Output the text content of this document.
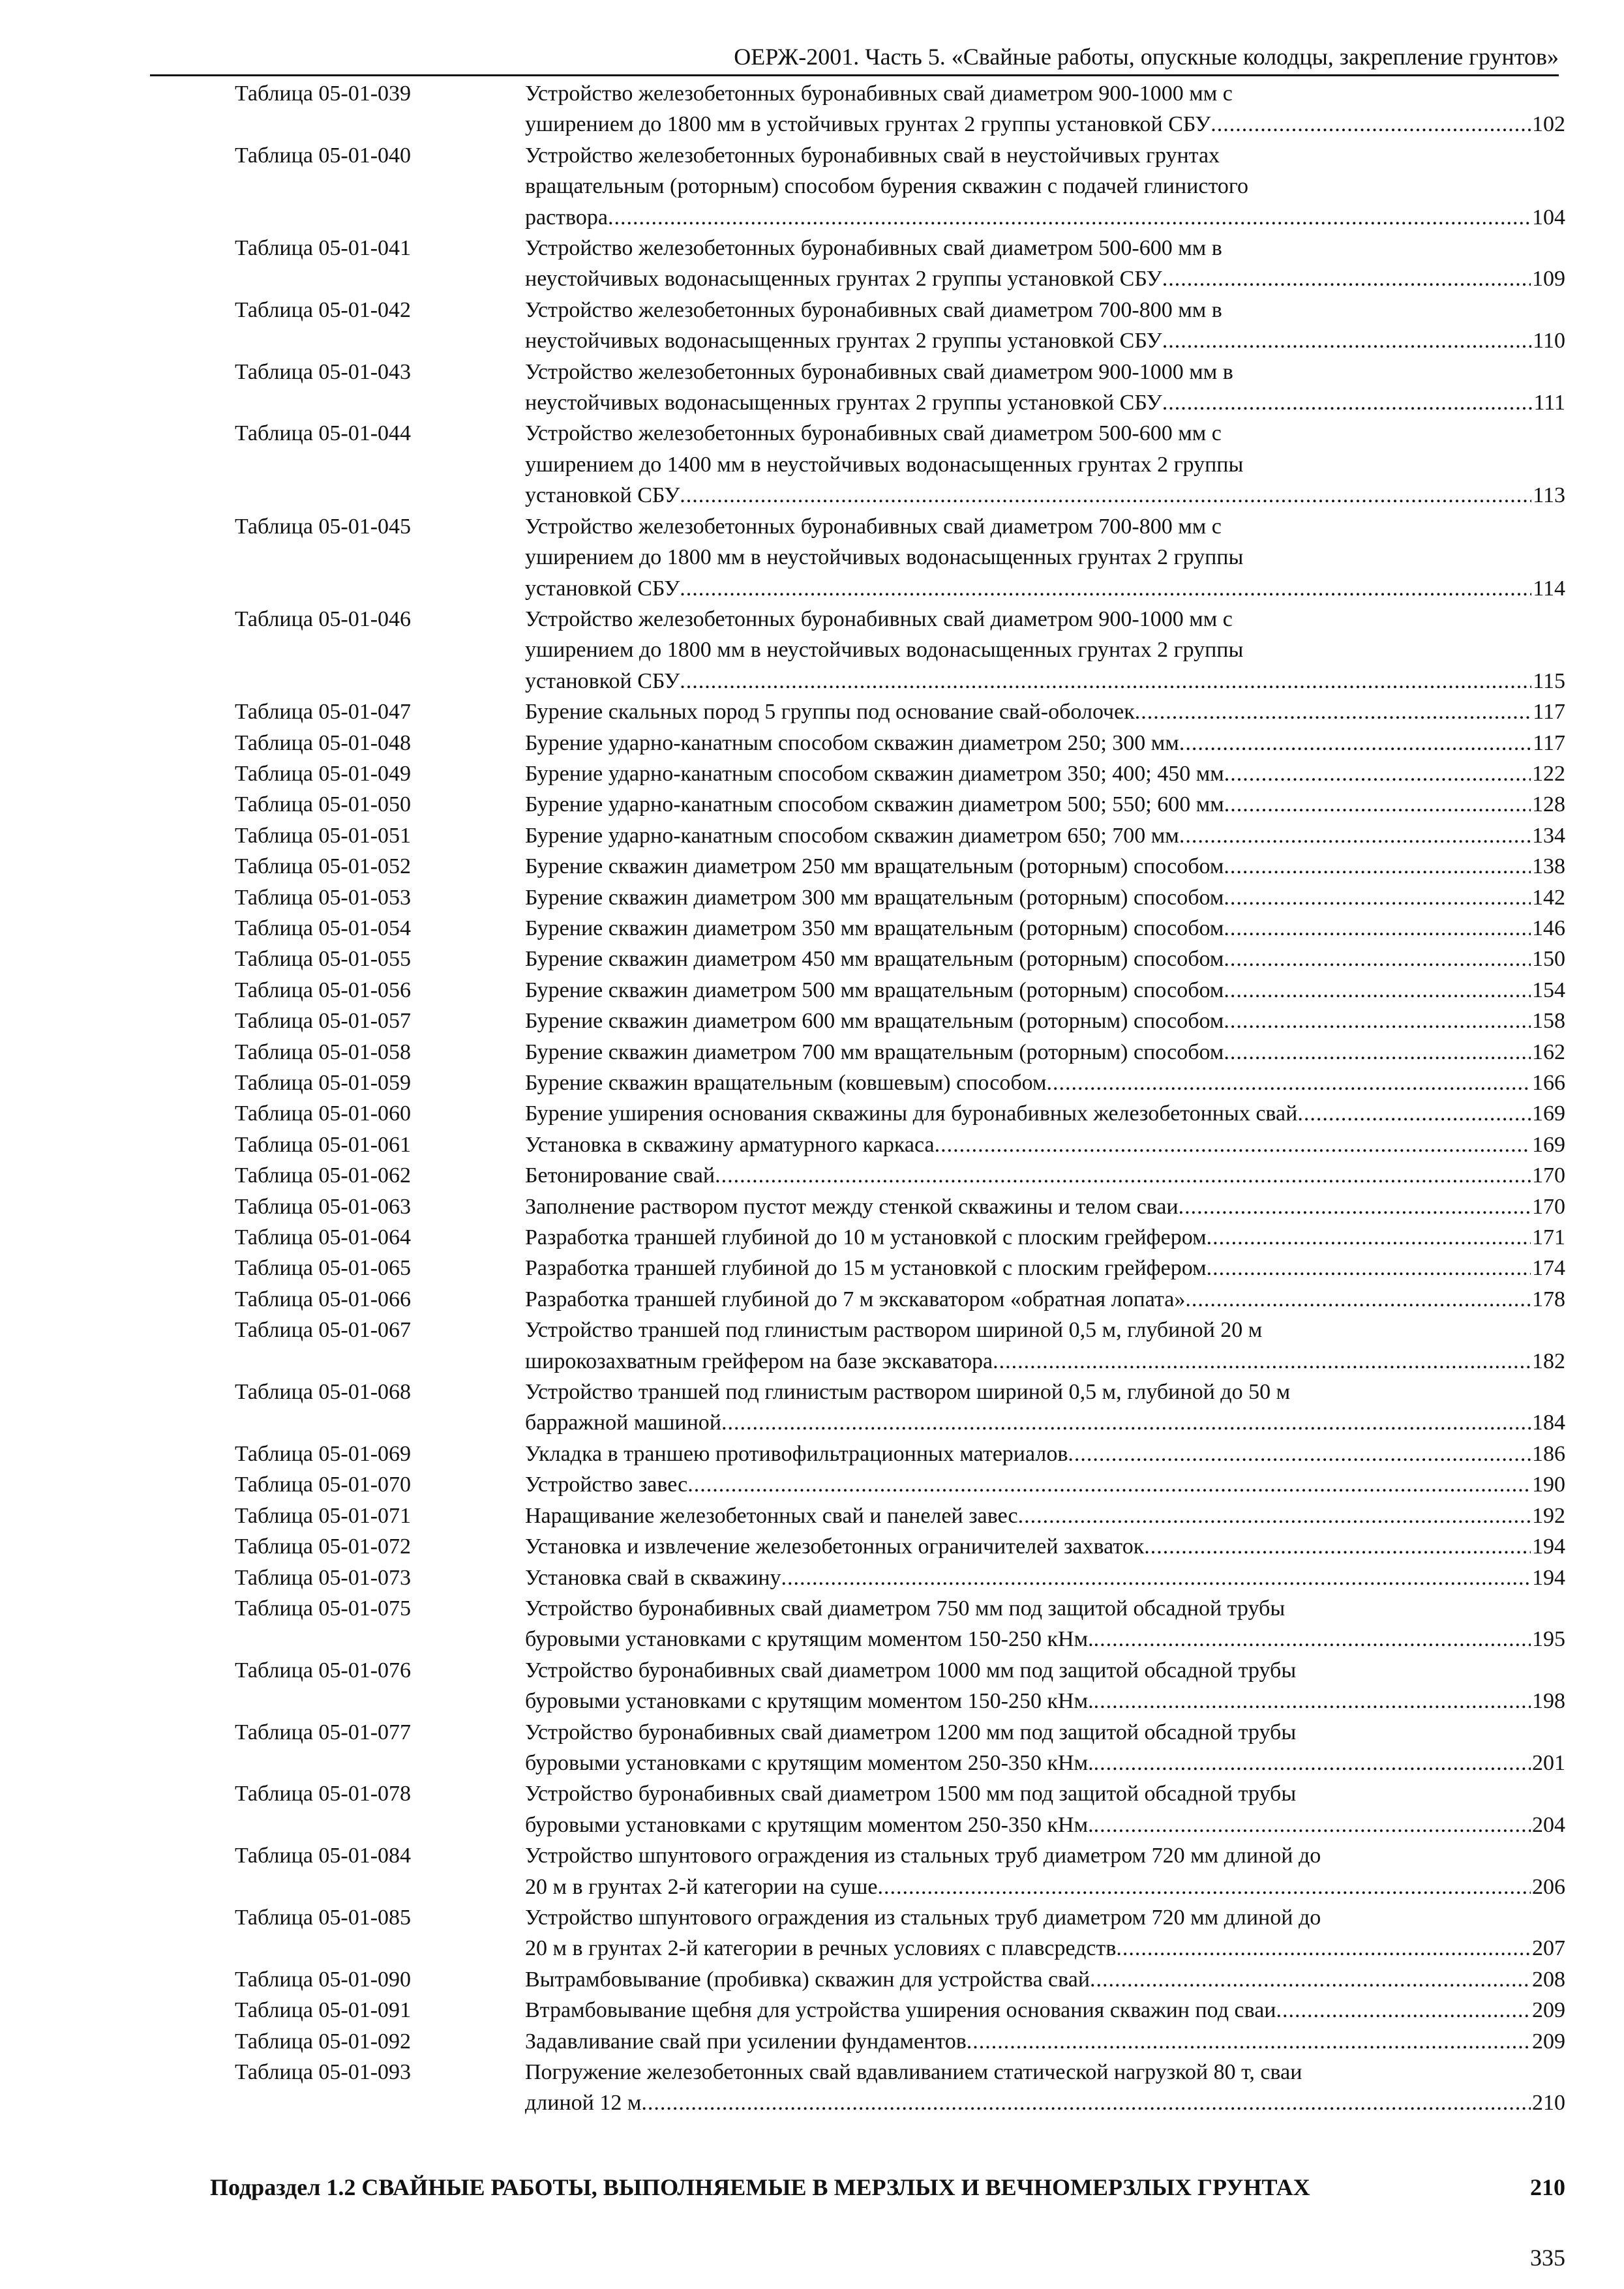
ОЕРЖ-2001. Часть 5. «Свайные работы, опускные колодцы, закрепление грунтов»
Таблица 05-01-039	Устройство железобетонных буронабивных свай диаметром 900-1000 мм с
уширением до 1800 мм в устойчивых грунтах 2 группы установкой СБУ .....	102
Таблица 05-01-040	Устройство железобетонных буронабивных свай в неустойчивых грунтах
вращательным (роторным) способом бурения скважин с подачей глинистого
раствора .....	104
Таблица 05-01-041	Устройство железобетонных буронабивных свай диаметром 500-600 мм в
неустойчивых водонасыщенных грунтах 2 группы установкой СБУ .....	109
Таблица 05-01-042	Устройство железобетонных буронабивных свай диаметром 700-800 мм в
неустойчивых водонасыщенных грунтах 2 группы установкой СБУ .....	110
Таблица 05-01-043	Устройство железобетонных буронабивных свай диаметром 900-1000 мм в
неустойчивых водонасыщенных грунтах 2 группы установкой СБУ .....	111
Таблица 05-01-044	Устройство железобетонных буронабивных свай диаметром 500-600 мм с
уширением до 1400 мм в неустойчивых водонасыщенных грунтах 2 группы
установкой СБУ .....	113
Таблица 05-01-045	Устройство железобетонных буронабивных свай диаметром 700-800 мм с
уширением до 1800 мм в неустойчивых водонасыщенных грунтах 2 группы
установкой СБУ .....	114
Таблица 05-01-046	Устройство железобетонных буронабивных свай диаметром 900-1000 мм с
уширением до 1800 мм в неустойчивых водонасыщенных грунтах 2 группы
установкой СБУ .....	115
Таблица 05-01-047	Бурение скальных пород 5 группы под основание свай-оболочек .....	117
Таблица 05-01-048	Бурение ударно-канатным способом скважин диаметром 250; 300 мм .....	117
Таблица 05-01-049	Бурение ударно-канатным способом скважин диаметром 350; 400; 450 мм .....	122
Таблица 05-01-050	Бурение ударно-канатным способом скважин диаметром 500; 550; 600 мм .....	128
Таблица 05-01-051	Бурение ударно-канатным способом скважин диаметром 650; 700 мм .....	134
Таблица 05-01-052	Бурение скважин диаметром 250 мм вращательным (роторным) способом .....	138
Таблица 05-01-053	Бурение скважин диаметром 300 мм вращательным (роторным) способом .....	142
Таблица 05-01-054	Бурение скважин диаметром 350 мм вращательным (роторным) способом .....	146
Таблица 05-01-055	Бурение скважин диаметром 450 мм вращательным (роторным) способом .....	150
Таблица 05-01-056	Бурение скважин диаметром 500 мм вращательным (роторным) способом .....	154
Таблица 05-01-057	Бурение скважин диаметром 600 мм вращательным (роторным) способом .....	158
Таблица 05-01-058	Бурение скважин диаметром 700 мм вращательным (роторным) способом .....	162
Таблица 05-01-059	Бурение скважин вращательным (ковшевым) способом .....	166
Таблица 05-01-060	Бурение уширения основания скважины для буронабивных железобетонных свай .....	169
Таблица 05-01-061	Установка в скважину арматурного каркаса .....	169
Таблица 05-01-062	Бетонирование свай .....	170
Таблица 05-01-063	Заполнение раствором пустот между стенкой скважины и телом сваи .....	170
Таблица 05-01-064	Разработка траншей глубиной до 10 м установкой с плоским грейфером .....	171
Таблица 05-01-065	Разработка траншей глубиной до 15 м установкой с плоским грейфером .....	174
Таблица 05-01-066	Разработка траншей глубиной до 7 м экскаватором «обратная лопата» .....	178
Таблица 05-01-067	Устройство траншей под глинистым раствором шириной 0,5 м, глубиной 20 м
широкозахватным грейфером на базе экскаватора .....	182
Таблица 05-01-068	Устройство траншей под глинистым раствором шириной 0,5 м, глубиной до 50 м
барражной машиной .....	184
Таблица 05-01-069	Укладка в траншею противофильтрационных материалов .....	186
Таблица 05-01-070	Устройство завес .....	190
Таблица 05-01-071	Наращивание железобетонных свай и панелей завес .....	192
Таблица 05-01-072	Установка и извлечение железобетонных ограничителей захваток .....	194
Таблица 05-01-073	Установка свай в скважину .....	194
Таблица 05-01-075	Устройство буронабивных свай диаметром 750 мм под защитой обсадной трубы
буровыми установками с крутящим моментом 150-250 кНм. .....	195
Таблица 05-01-076	Устройство буронабивных свай диаметром 1000 мм под защитой обсадной трубы
буровыми установками с крутящим моментом 150-250 кНм. .....	198
Таблица 05-01-077	Устройство буронабивных свай диаметром 1200 мм под защитой обсадной трубы
буровыми установками с крутящим моментом 250-350 кНм. .....	201
Таблица 05-01-078	Устройство буронабивных свай диаметром 1500 мм под защитой обсадной трубы
буровыми установками с крутящим моментом 250-350 кНм. .....	204
Таблица 05-01-084	Устройство шпунтового ограждения из стальных труб диаметром 720 мм длиной до
20 м в грунтах 2-й категории на суше .....	206
Таблица 05-01-085	Устройство шпунтового ограждения из стальных труб диаметром 720 мм длиной до
20 м в грунтах 2-й категории в речных условиях с плавсредств .....	207
Таблица 05-01-090	Вытрамбовывание (пробивка) скважин для устройства свай .....	208
Таблица 05-01-091	Втрамбовывание щебня для устройства уширения основания скважин под сваи .....	209
Таблица 05-01-092	Задавливание свай при усилении фундаментов .....	209
Таблица 05-01-093	Погружение железобетонных свай вдавливанием статической нагрузкой 80 т, сваи
длиной 12 м .....	210
Подраздел 1.2 СВАЙНЫЕ РАБОТЫ, ВЫПОЛНЯЕМЫЕ В МЕРЗЛЫХ И ВЕЧНОМЕРЗЛЫХ ГРУНТАХ	210
335
